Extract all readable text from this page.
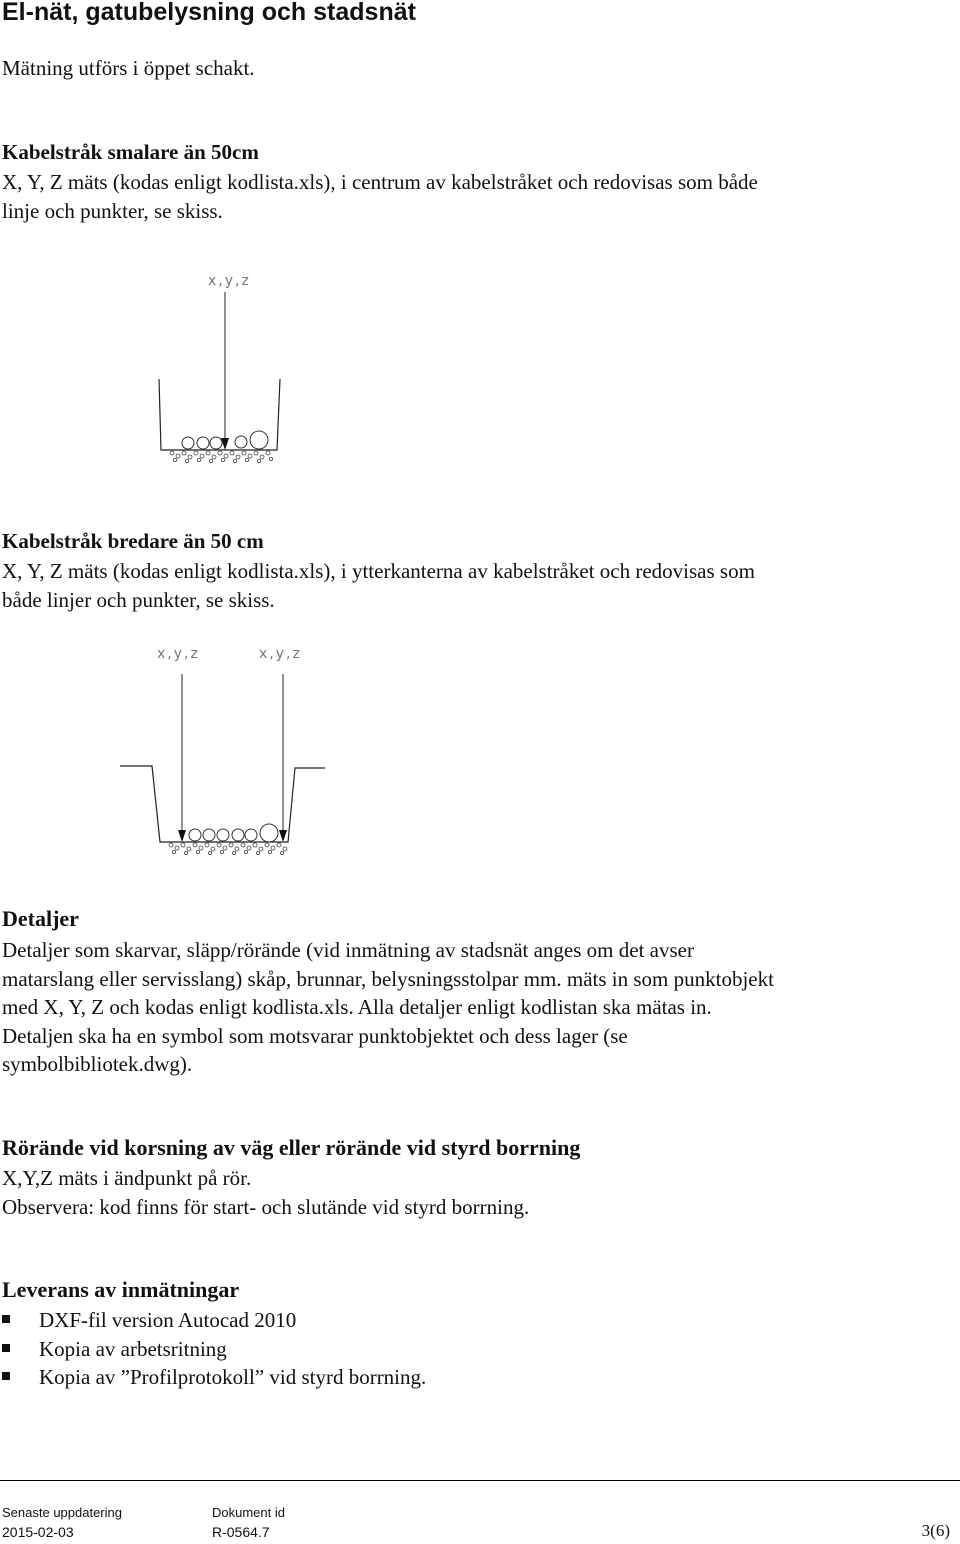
El-nät, gatubelysning och stadsnät
Mätning utförs i öppet schakt.
Kabelstråk smalare än 50cm
X, Y, Z mäts (kodas enligt kodlista.xls), i centrum av kabelstråket och redovisas som både
linje och punkter, se skiss.
x,y,z
Kabelstråk bredare än 50 cm
X, Y, Z mäts (kodas enligt kodlista.xls), i ytterkanterna av kabelstråket och redovisas som
både linjer och punkter, se skiss.
x,y,z	x,y,z
Detaljer
Detaljer som skarvar, släpp/rörände (vid inmätning av stadsnät anges om det avser
matarslang eller servisslang) skåp, brunnar, belysningsstolpar mm. mäts in som punktobjekt
med X, Y, Z och kodas enligt kodlista.xls. Alla detaljer enligt kodlistan ska mätas in.
Detaljen ska ha en symbol som motsvarar punktobjektet och dess lager (se
symbolbibliotek.dwg).
Rörände vid korsning av väg eller rörände vid styrd borrning
X,Y,Z mäts i ändpunkt på rör.
Observera: kod finns för start- och slutände vid styrd borrning.
Leverans av inmätningar
DXF-fil version Autocad 2010
Kopia av arbetsritning
Kopia av ”Profilprotokoll” vid styrd borrning.
Senaste uppdatering
2015-02-03
Dokument id
R-0564.7	3(6)
